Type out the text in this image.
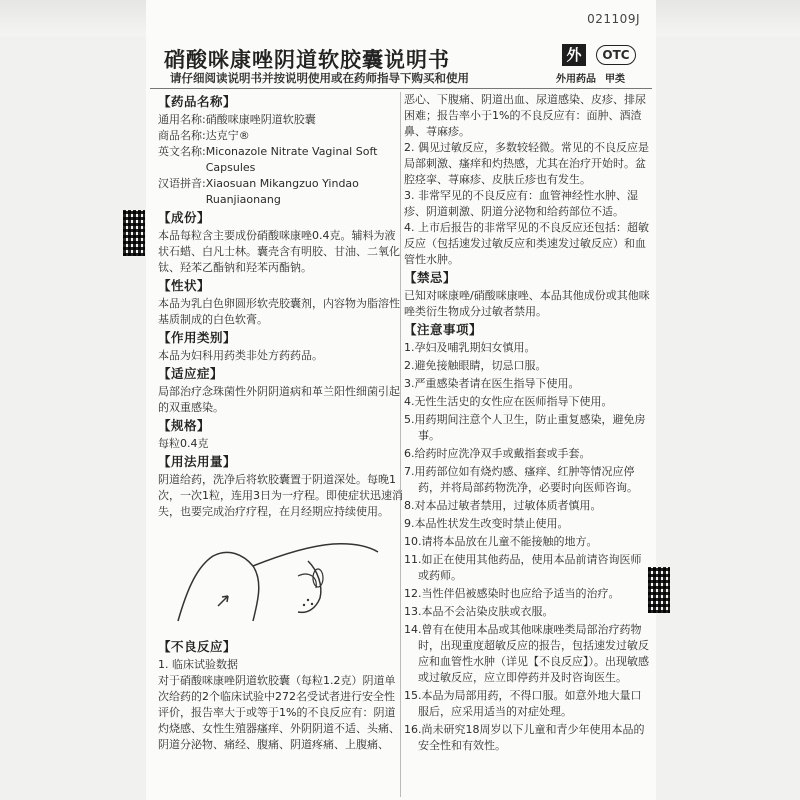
021109J
硝酸咪康唑阴道软胶囊说明书
请仔细阅读说明书并按说明使用或在药师指导下购买和使用
外	OTC
外用药品 甲类
【药品名称】
通用名称: 硝酸咪康唑阴道软胶囊
商品名称: 达克宁®
英文名称: Miconazole Nitrate Vaginal Soft Capsules
汉语拼音: Xiaosuan Mikangzuo Yindao Ruanjiaonang
【成份】

本品每粒含主要成份硝酸咪康唑0.4克。辅料为液状石蜡、白凡士林。囊壳含有明胶、甘油、二氧化钛、羟苯乙酯钠和羟苯丙酯钠。

【性状】

本品为乳白色卵圆形软壳胶囊剂，内容物为脂溶性基质制成的白色软膏。

【作用类别】

本品为妇科用药类非处方药药品。

【适应症】

局部治疗念珠菌性外阴阴道病和革兰阳性细菌引起的双重感染。

【规格】

每粒0.4克

【用法用量】

阴道给药，洗净后将软胶囊置于阴道深处。每晚1次，一次1粒，连用3日为一疗程。即使症状迅速消失，也要完成治疗疗程，在月经期应持续使用。

【不良反应】

1. 临床试验数据

对于硝酸咪康唑阴道软胶囊（每粒1.2克）阴道单次给药的2个临床试验中272名受试者进行安全性评价，报告率大于或等于1%的不良反应有：阴道灼烧感、女性生殖器瘙痒、外阴阴道不适、头痛、阴道分泌物、痛经、腹痛、阴道疼痛、上腹痛、

恶心、下腹痛、阴道出血、尿道感染、皮疹、排尿困难；报告率小于1%的不良反应有：面肿、酒渣鼻、荨麻疹。

2. 偶见过敏反应，多数较轻微。常见的不良反应是局部刺激、瘙痒和灼热感，尤其在治疗开始时。盆腔痉挛、荨麻疹、皮肤丘疹也有发生。

3. 非常罕见的不良反应有：血管神经性水肿、湿疹、阴道刺激、阴道分泌物和给药部位不适。

4. 上市后报告的非常罕见的不良反应还包括：超敏反应（包括速发过敏反应和类速发过敏反应）和血管性水肿。

【禁忌】

已知对咪康唑/硝酸咪康唑、本品其他成份或其他咪唑类衍生物成分过敏者禁用。

【注意事项】
1.孕妇及哺乳期妇女慎用。
2.避免接触眼睛，切忌口服。
3.严重感染者请在医生指导下使用。
4.无性生活史的女性应在医师指导下使用。
5.用药期间注意个人卫生，防止重复感染，避免房事。
6.给药时应洗净双手或戴指套或手套。
7.用药部位如有烧灼感、瘙痒、红肿等情况应停药，并将局部药物洗净，必要时向医师咨询。
8.对本品过敏者禁用，过敏体质者慎用。
9.本品性状发生改变时禁止使用。
10.请将本品放在儿童不能接触的地方。
11.如正在使用其他药品，使用本品前请咨询医师或药师。
12.当性伴侣被感染时也应给予适当的治疗。
13.本品不会沾染皮肤或衣服。
14.曾有在使用本品或其他咪康唑类局部治疗药物时，出现重度超敏反应的报告，包括速发过敏反应和血管性水肿（详见【不良反应】）。出现敏感或过敏反应，应立即停药并及时咨询医生。
15.本品为局部用药，不得口服。如意外地大量口服后，应采用适当的对症处理。
16.尚未研究18周岁以下儿童和青少年使用本品的安全性和有效性。
